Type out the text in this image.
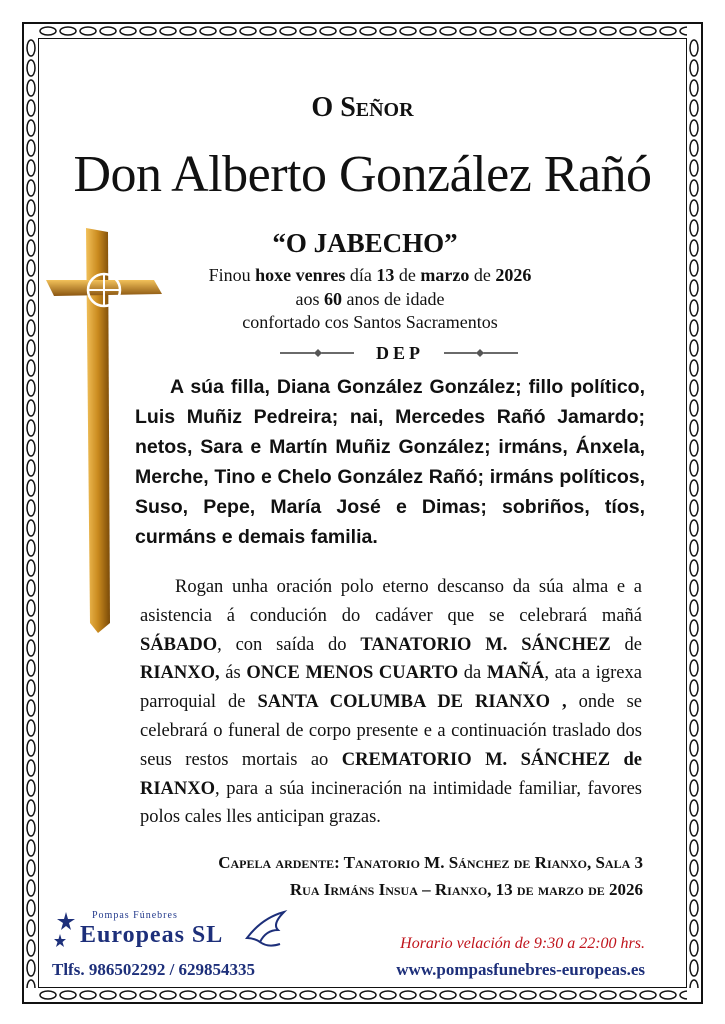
O Señor
Don Alberto González Rañó
“O JABECHO”
Finou hoxe venres día 13 de marzo de 2026
aos 60 anos de idade
confortado cos Santos Sacramentos
DEP
A súa filla, Diana González González; fillo político, Luis Muñiz Pedreira; nai, Mercedes Rañó Jamardo; netos, Sara e Martín Muñiz González; irmáns, Ánxela, Merche, Tino e Chelo González Rañó; irmáns políticos, Suso, Pepe, María José e Dimas; sobriños, tíos, curmáns e demais familia.
Rogan unha oración polo eterno descanso da súa alma e a asistencia á condución do cadáver que se celebrará mañá SÁBADO, con saída do TANATORIO M. SÁNCHEZ de RIANXO, ás ONCE MENOS CUARTO da MAÑÁ, ata a igrexa parroquial de SANTA COLUMBA DE RIANXO , onde se celebrará o funeral de corpo presente e a continuación traslado dos seus restos mortais ao CREMATORIO M. SÁNCHEZ de RIANXO, para a súa incineración na intimidade familiar, favores polos cales lles anticipan grazas.
Capela ardente: Tanatorio M. Sánchez de Rianxo, Sala 3
Rua Irmáns Insua – Rianxo, 13 de marzo de 2026
Pompas Fúnebres
Europeas SL	Horario velación de 9:30 a 22:00 hrs.
Tlfs. 986502292 / 629854335	www.pompasfunebres-europeas.es
